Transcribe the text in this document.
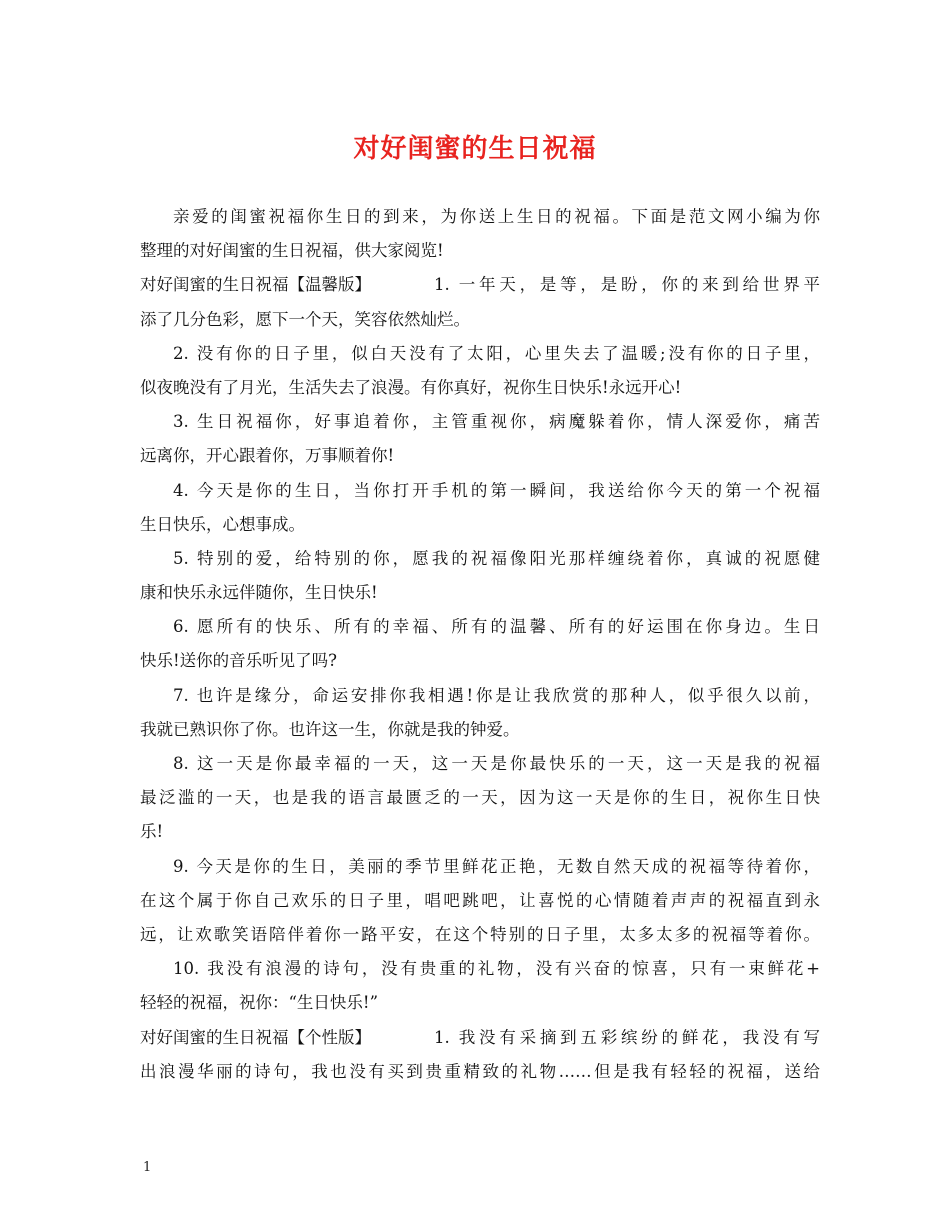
对好闺蜜的生日祝福
亲爱的闺蜜祝福你生日的到来，为你送上生日的祝福。下面是范文网小编为你
整理的对好闺蜜的生日祝福，供大家阅览!
对好闺蜜的生日祝福【温馨版】	1. 一年天，是等，是盼，你的来到给世界平
添了几分色彩，愿下一个天，笑容依然灿烂。
2. 没有你的日子里，似白天没有了太阳，心里失去了温暖;没有你的日子里，
似夜晚没有了月光，生活失去了浪漫。有你真好，祝你生日快乐!永远开心!
3. 生日祝福你，好事追着你，主管重视你，病魔躲着你，情人深爱你，痛苦
远离你，开心跟着你，万事顺着你!
4. 今天是你的生日，当你打开手机的第一瞬间，我送给你今天的第一个祝福
生日快乐，心想事成。
5. 特别的爱，给特别的你，愿我的祝福像阳光那样缠绕着你，真诚的祝愿健
康和快乐永远伴随你，生日快乐!
6. 愿所有的快乐、所有的幸福、所有的温馨、所有的好运围在你身边。生日
快乐!送你的音乐听见了吗?
7. 也许是缘分，命运安排你我相遇!你是让我欣赏的那种人，似乎很久以前，
我就已熟识你了你。也许这一生，你就是我的钟爱。
8. 这一天是你最幸福的一天，这一天是你最快乐的一天，这一天是我的祝福
最泛滥的一天，也是我的语言最匮乏的一天，因为这一天是你的生日，祝你生日快
乐!
9. 今天是你的生日，美丽的季节里鲜花正艳，无数自然天成的祝福等待着你，
在这个属于你自己欢乐的日子里，唱吧跳吧，让喜悦的心情随着声声的祝福直到永
远，让欢歌笑语陪伴着你一路平安，在这个特别的日子里，太多太多的祝福等着你。
10. 我没有浪漫的诗句，没有贵重的礼物，没有兴奋的惊喜，只有一束鲜花+
轻轻的祝福，祝你：“生日快乐!”
对好闺蜜的生日祝福【个性版】	1. 我没有采摘到五彩缤纷的鲜花，我没有写
出浪漫华丽的诗句，我也没有买到贵重精致的礼物……但是我有轻轻的祝福，送给
1
